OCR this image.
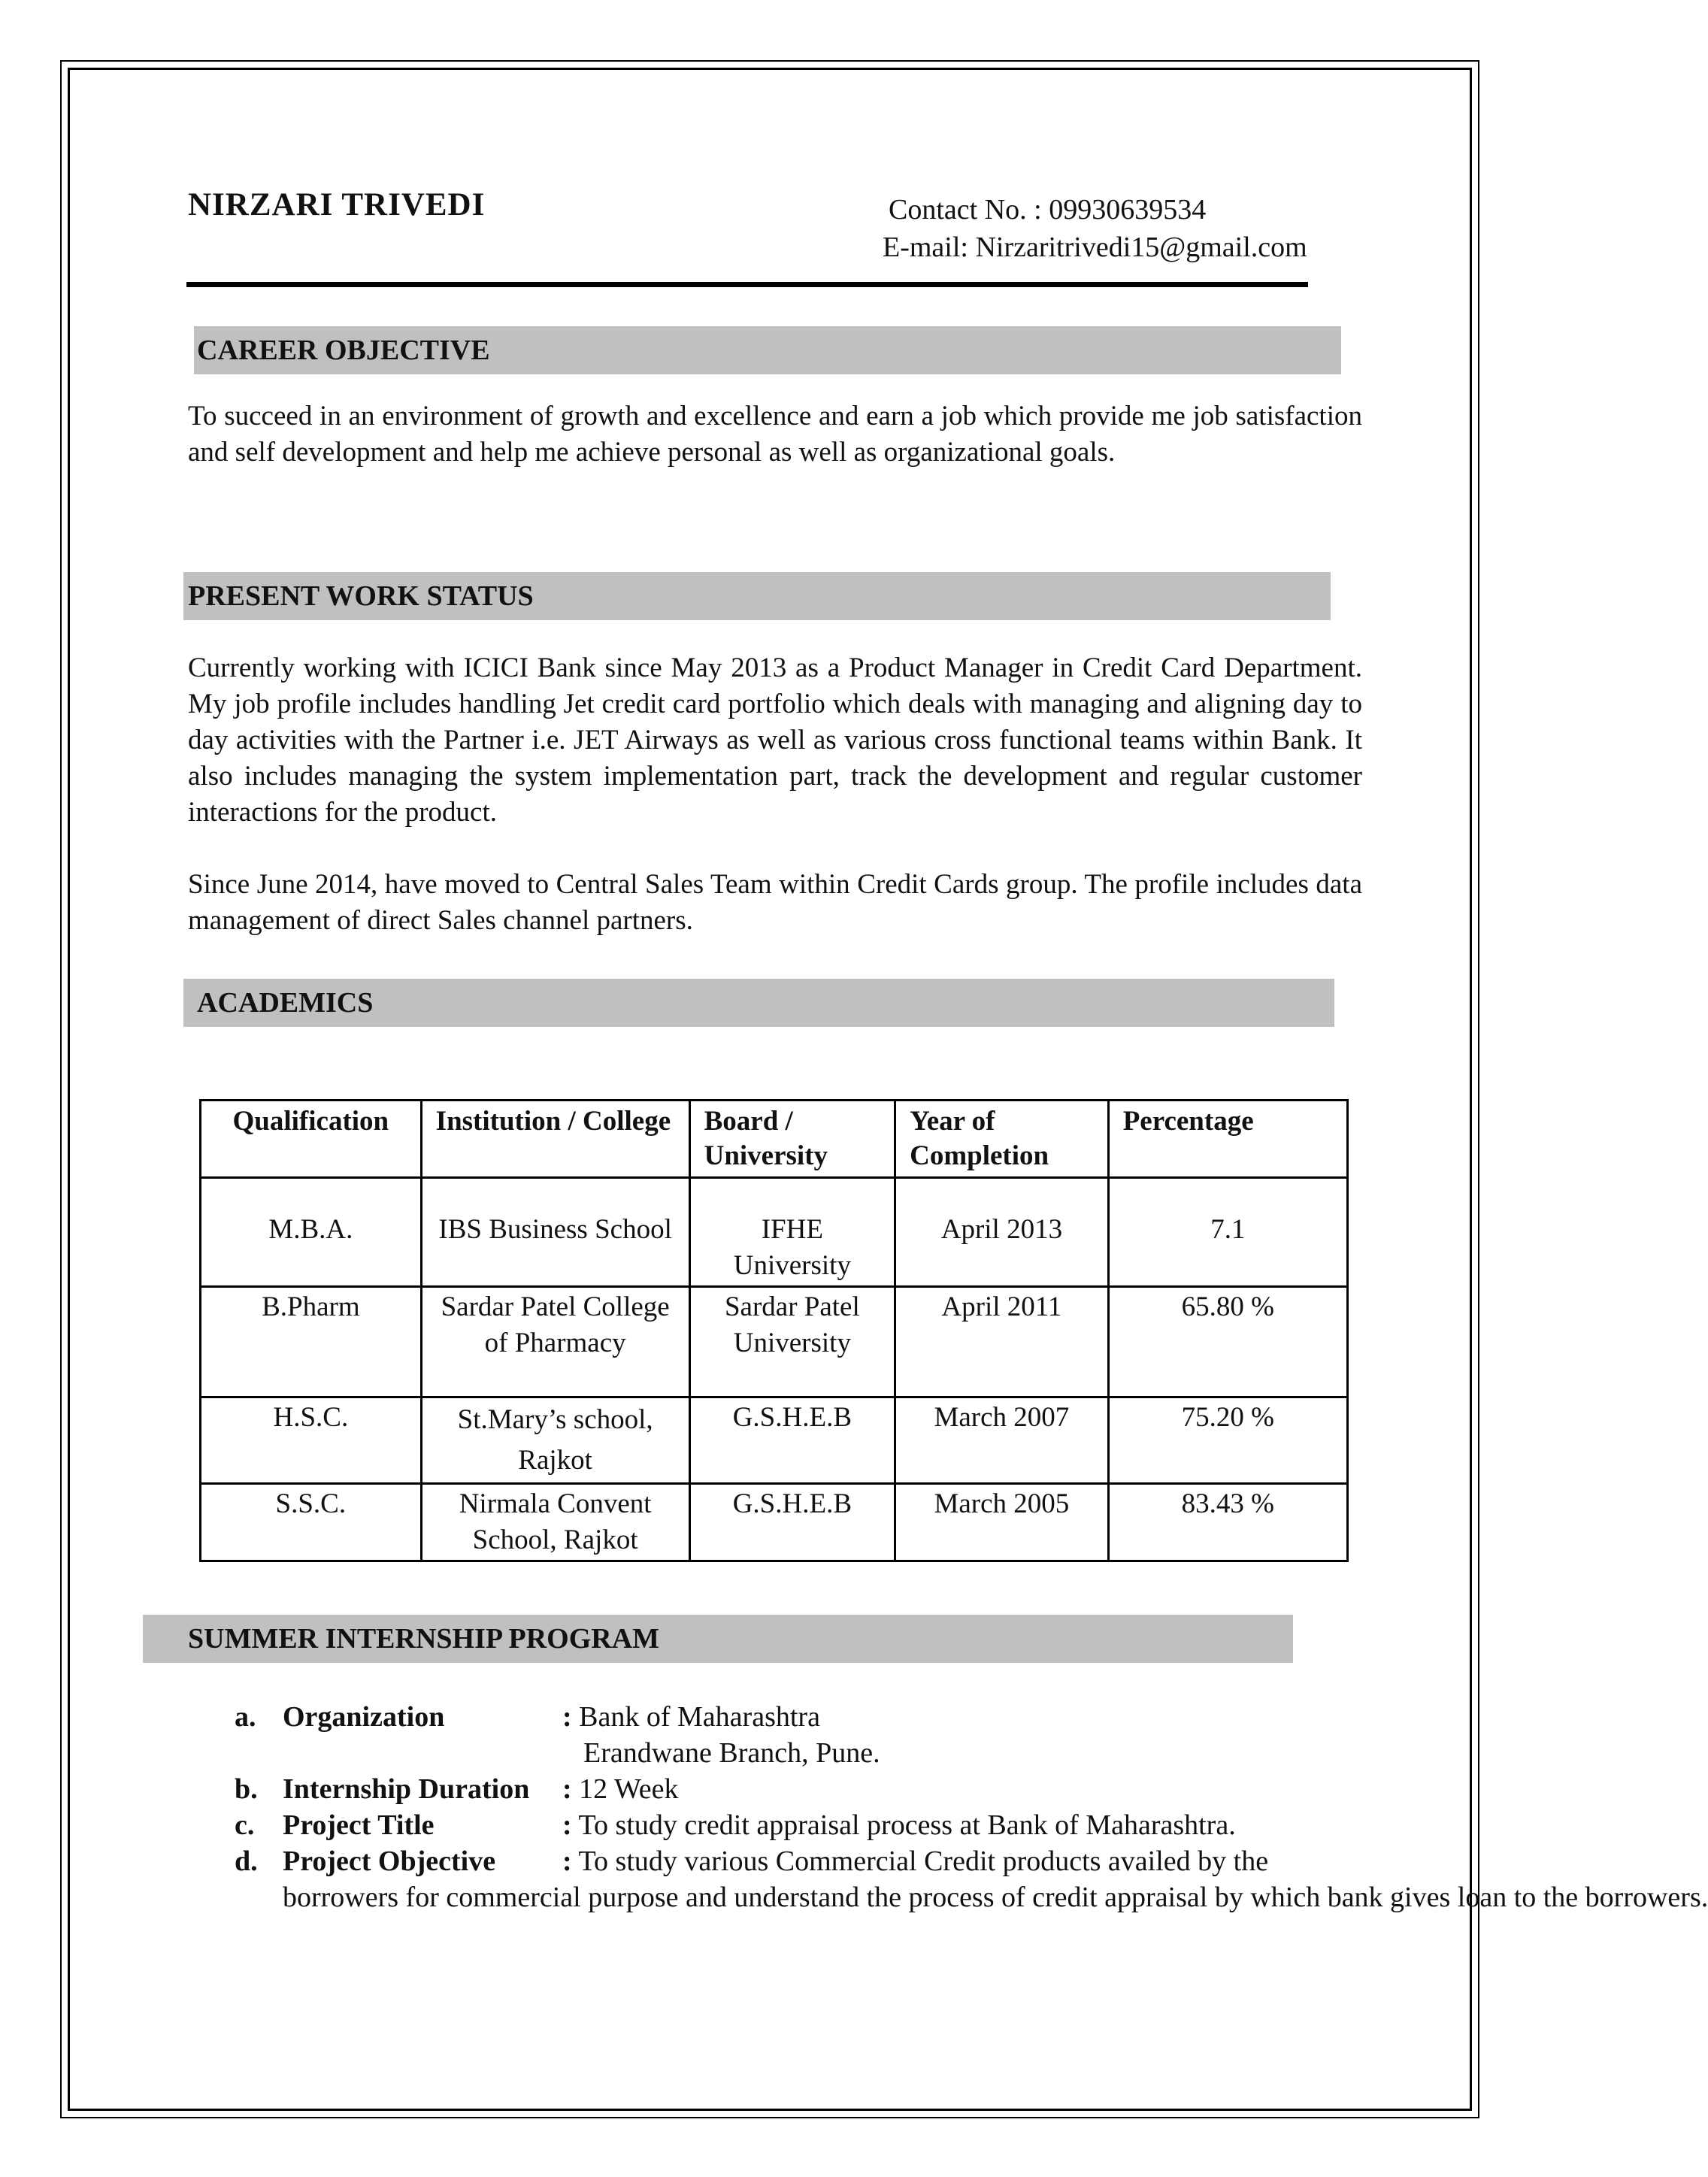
NIRZARI TRIVEDI	Contact No. : 09930639534
E-mail: Nirzaritrivedi15@gmail.com
CAREER OBJECTIVE

To succeed in an environment of growth and excellence and earn a job which provide me job satisfaction and self development and help me achieve personal as well as organizational goals.

PRESENT WORK STATUS

Currently working with ICICI Bank since May 2013 as a Product Manager in Credit Card Department. My job profile includes handling Jet credit card portfolio which deals with managing and aligning day to day activities with the Partner i.e. JET Airways as well as various cross functional teams within Bank. It also includes managing the system implementation part, track the development and regular customer interactions for the product.

Since June 2014, have moved to Central Sales Team within Credit Cards group. The profile includes data management of direct Sales channel partners.

ACADEMICS
Qualification	Institution / College	Board / University	Year of Completion	Percentage
M.B.A.	IBS Business School	IFHE University	April 2013	7.1
B.Pharm	Sardar Patel College of Pharmacy	Sardar Patel University	April 2011	65.80 %
H.S.C.	St.Mary’s school, Rajkot	G.S.H.E.B	March 2007	75.20 %
S.S.C.	Nirmala Convent School, Rajkot	G.S.H.E.B	March 2005	83.43 %
SUMMER INTERNSHIP PROGRAM
a. Organization	: Bank of Maharashtra
Erandwane Branch, Pune.
b. Internship Duration : 12 Week
c. Project Title	: To study credit appraisal process at Bank of Maharashtra.
d. Project Objective : To study various Commercial Credit products availed by the
borrowers for commercial purpose and understand the process of credit appraisal by which bank gives loan to the borrowers.
